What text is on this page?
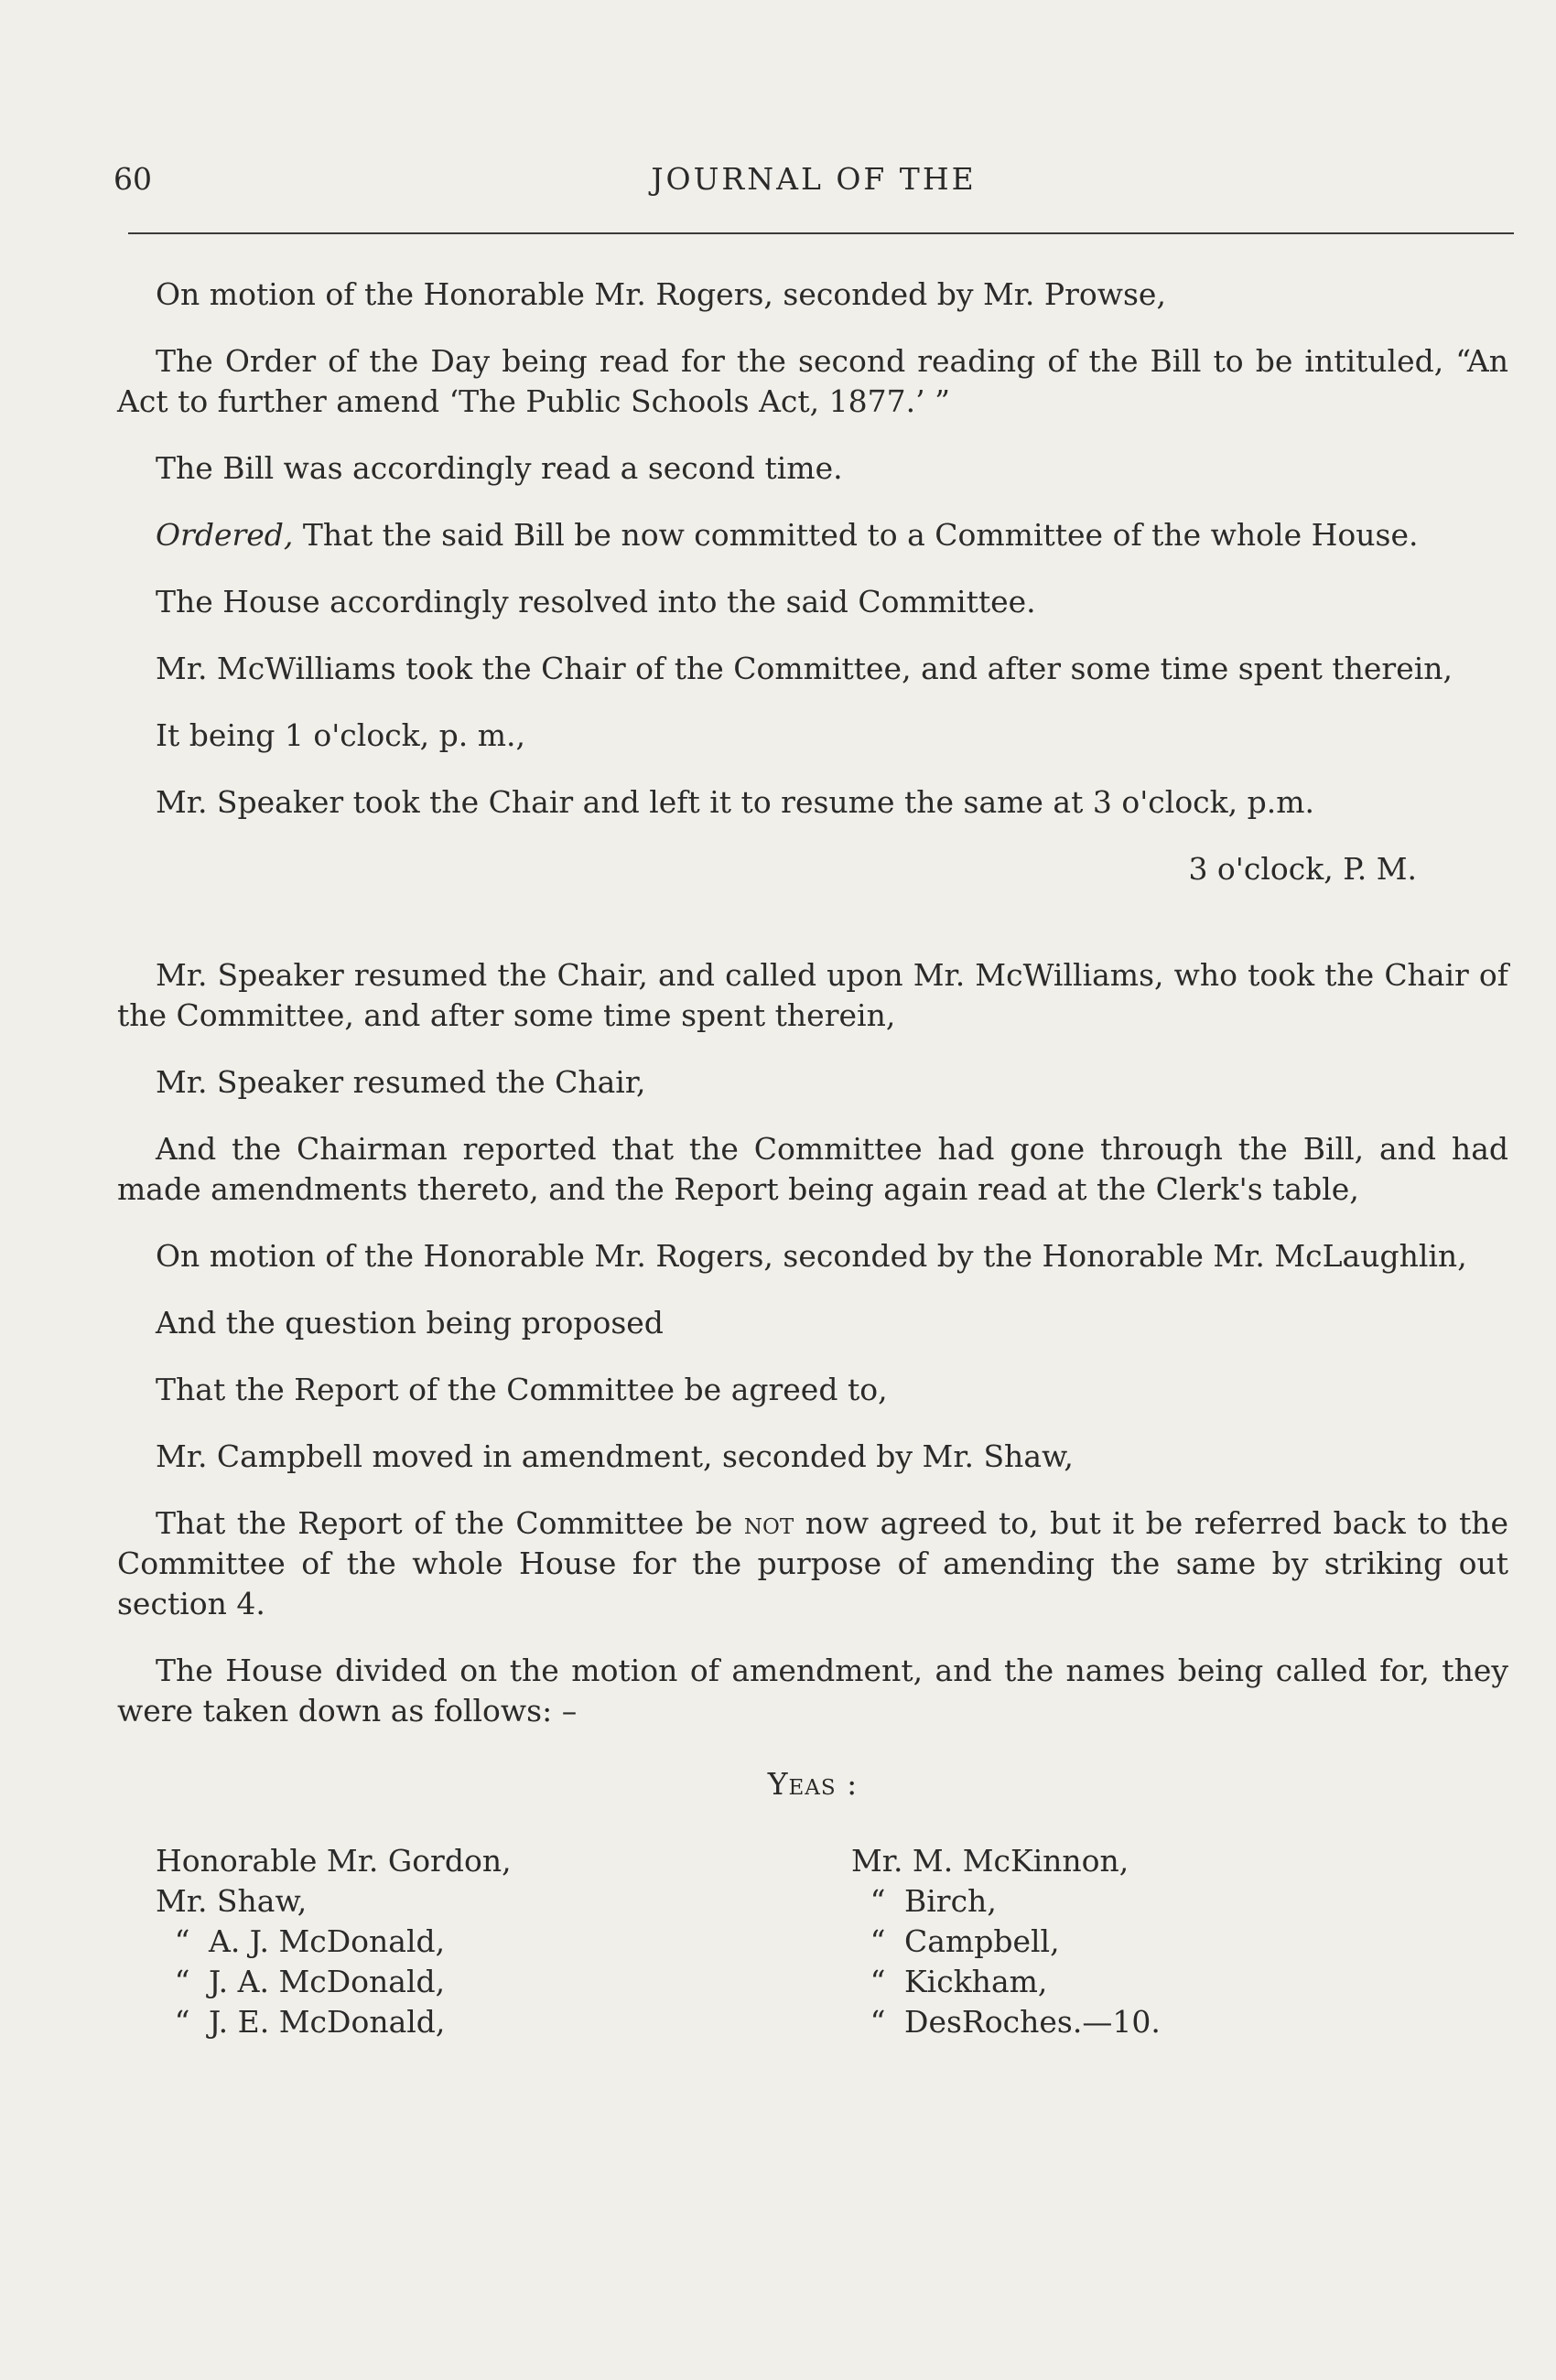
60	JOURNAL OF THE

On motion of the Honorable Mr. Rogers, seconded by Mr. Prowse,

The Order of the Day being read for the second reading of the Bill to be intituled, “An Act to further amend ‘The Public Schools Act, 1877.’ ”

The Bill was accordingly read a second time.

Ordered, That the said Bill be now committed to a Committee of the whole House.

The House accordingly resolved into the said Committee.

Mr. McWilliams took the Chair of the Committee, and after some time spent therein,

It being 1 o'clock, p. m.,

Mr. Speaker took the Chair and left it to resume the same at 3 o'clock, p.m.

3 o'clock, P. M.

Mr. Speaker resumed the Chair, and called upon Mr. McWilliams, who took the Chair of the Committee, and after some time spent therein,

Mr. Speaker resumed the Chair,

And the Chairman reported that the Committee had gone through the Bill, and had made amendments thereto, and the Report being again read at the Clerk's table,

On motion of the Honorable Mr. Rogers, seconded by the Honorable Mr. McLaughlin,

And the question being proposed

That the Report of the Committee be agreed to,

Mr. Campbell moved in amendment, seconded by Mr. Shaw,

That the Report of the Committee be not now agreed to, but it be referred back to the Committee of the whole House for the purpose of amending the same by striking out section 4.

The House divided on the motion of amendment, and the names being called for, they were taken down as follows: –

Yeas :
Honorable Mr. Gordon,
Mr. Shaw,
“ A. J. McDonald,
“ J. A. McDonald,
“ J. E. McDonald,
Mr. M. McKinnon,
“ Birch,
“ Campbell,
“ Kickham,
“ DesRoches.—10.
